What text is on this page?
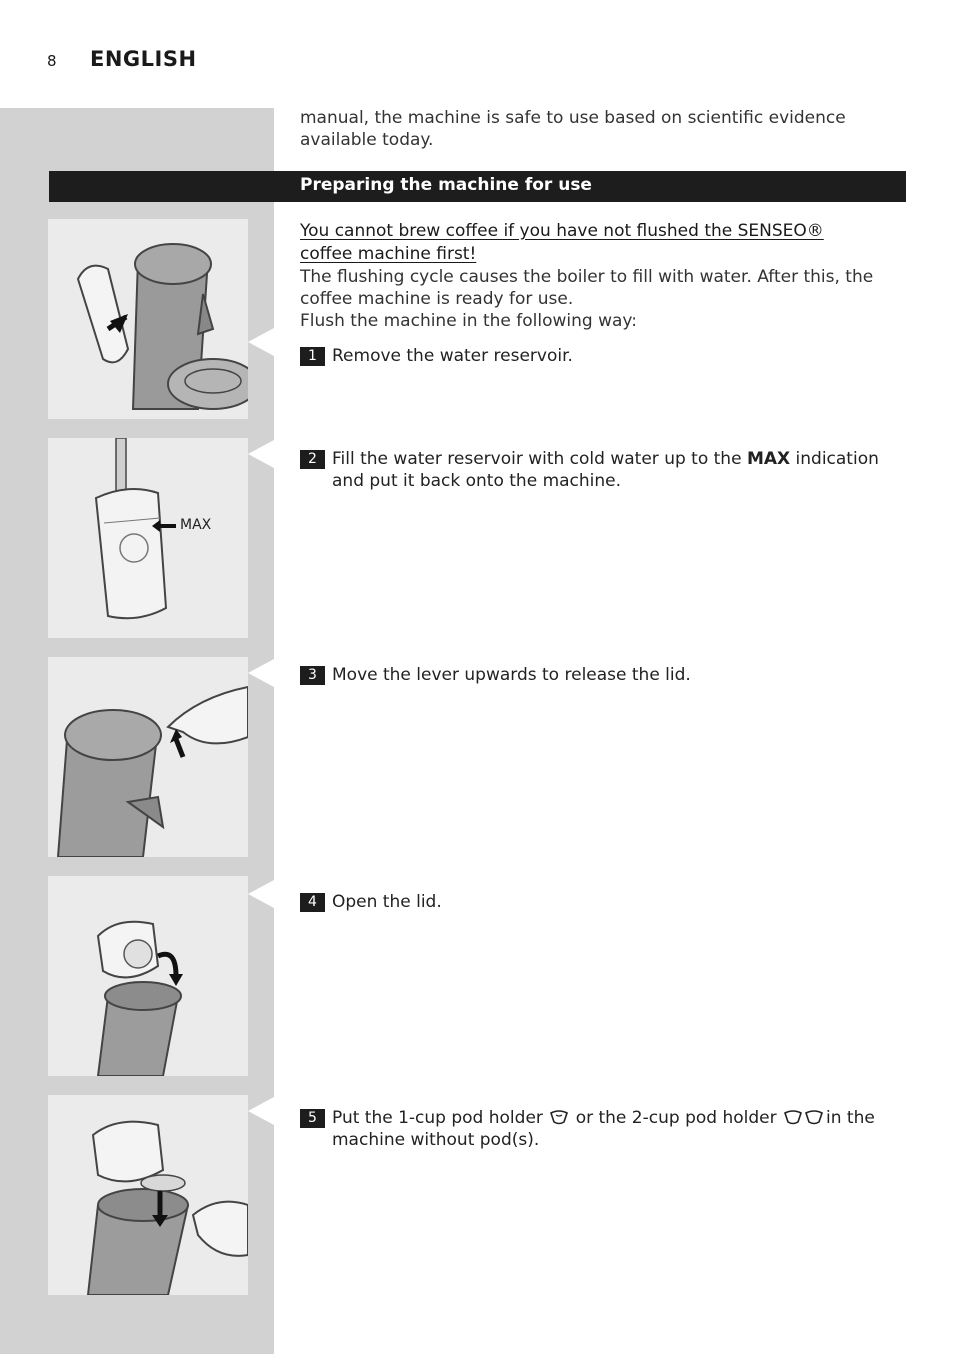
8 ENGLISH
manual, the machine is safe to use based on scientific evidence available today.
Preparing the machine for use
You cannot brew coffee if you have not flushed the SENSEO® coffee machine first!
The flushing cycle causes the boiler to fill with water. After this, the coffee machine is ready for use.
Flush the machine in the following way:
1 Remove the water reservoir.
2 Fill the water reservoir with cold water up to the MAX indication and put it back onto the machine.
3 Move the lever upwards to release the lid.
4 Open the lid.
5 Put the 1-cup pod holder  or the 2-cup pod holder	in the machine without pod(s).
MAX
